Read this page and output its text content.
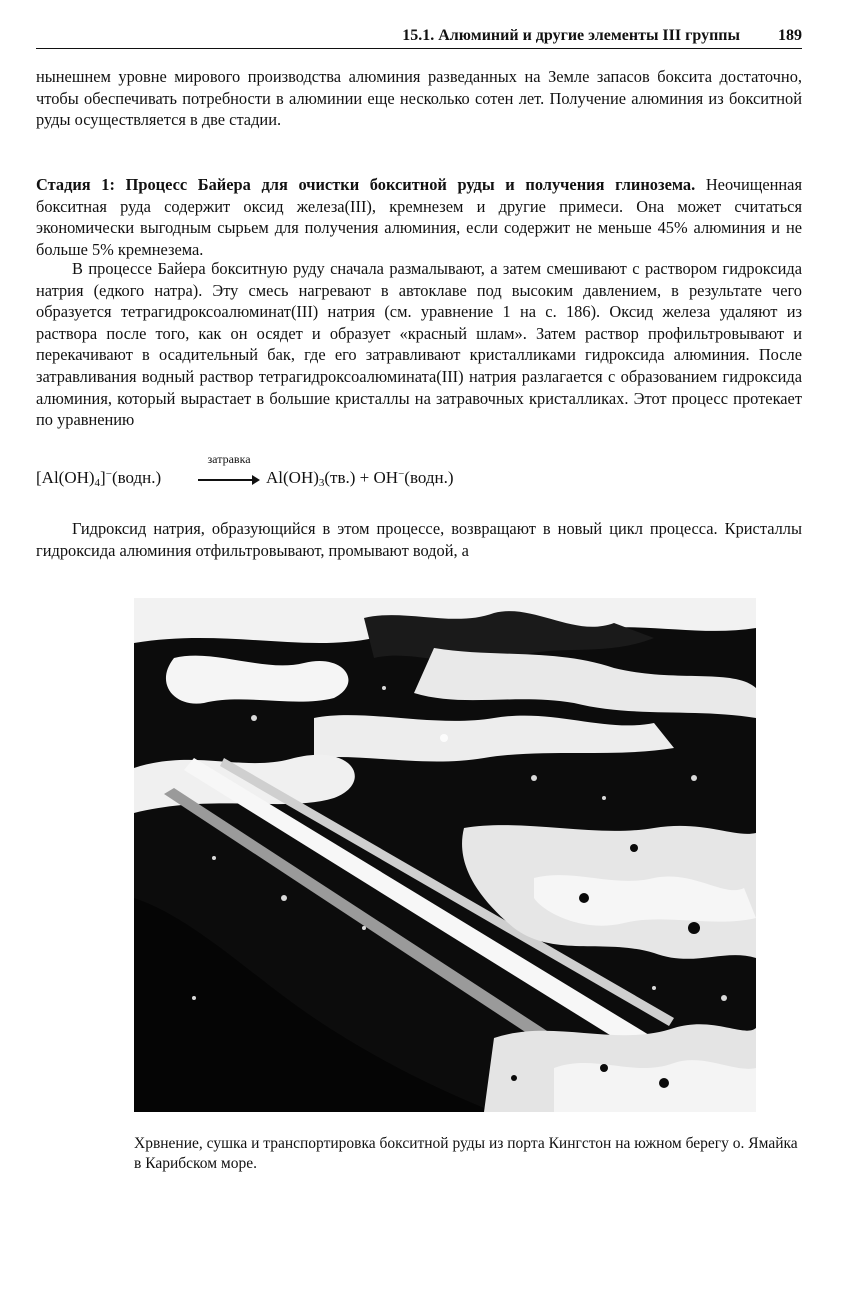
15.1. Алюминий и другие элементы III группы 189

нынешнем уровне мирового производства алюминия разведанных на Земле запасов боксита достаточно, чтобы обеспечивать потребности в алюминии еще несколько сотен лет. Получение алюминия из бокситной руды осуществляется в две стадии.

Стадия 1: Процесс Байера для очистки бокситной руды и получения глинозема. Неочищенная бокситная руда содержит оксид железа(III), кремнезем и другие примеси. Она может считаться экономически выгодным сырьем для получения алюминия, если содержит не меньше 45% алюминия и не больше 5% кремнезема.

В процессе Байера бокситную руду сначала размалывают, а затем смешивают с раствором гидроксида натрия (едкого натра). Эту смесь нагревают в автоклаве под высоким давлением, в результате чего образуется тетрагидроксоалюминат(III) натрия (см. уравнение 1 на с. 186). Оксид железа удаляют из раствора после того, как он осядет и образует «красный шлам». Затем раствор профильтровывают и перекачивают в осадительный бак, где его затравливают кристалликами гидроксида алюминия. После затравливания водный раствор тетрагидроксоалюмината(III) натрия разлагается с образованием гидроксида алюминия, который вырастает в большие кристаллы на затравочных кристалликах. Этот процесс протекает по уравнению

$[Al(OH)_4]^-(водн.)$
затравка
$Al(OH)_3(тв.)$ + OH−(водн.)

Гидроксид натрия, образующийся в этом процессе, возвращают в новый цикл процесса. Кристаллы гидроксида алюминия отфильтровывают, промывают водой, а

Хрвнение, сушка и транспортировка бокситной руды из порта Кингстон на южном берегу о. Ямайка в Карибском море.
